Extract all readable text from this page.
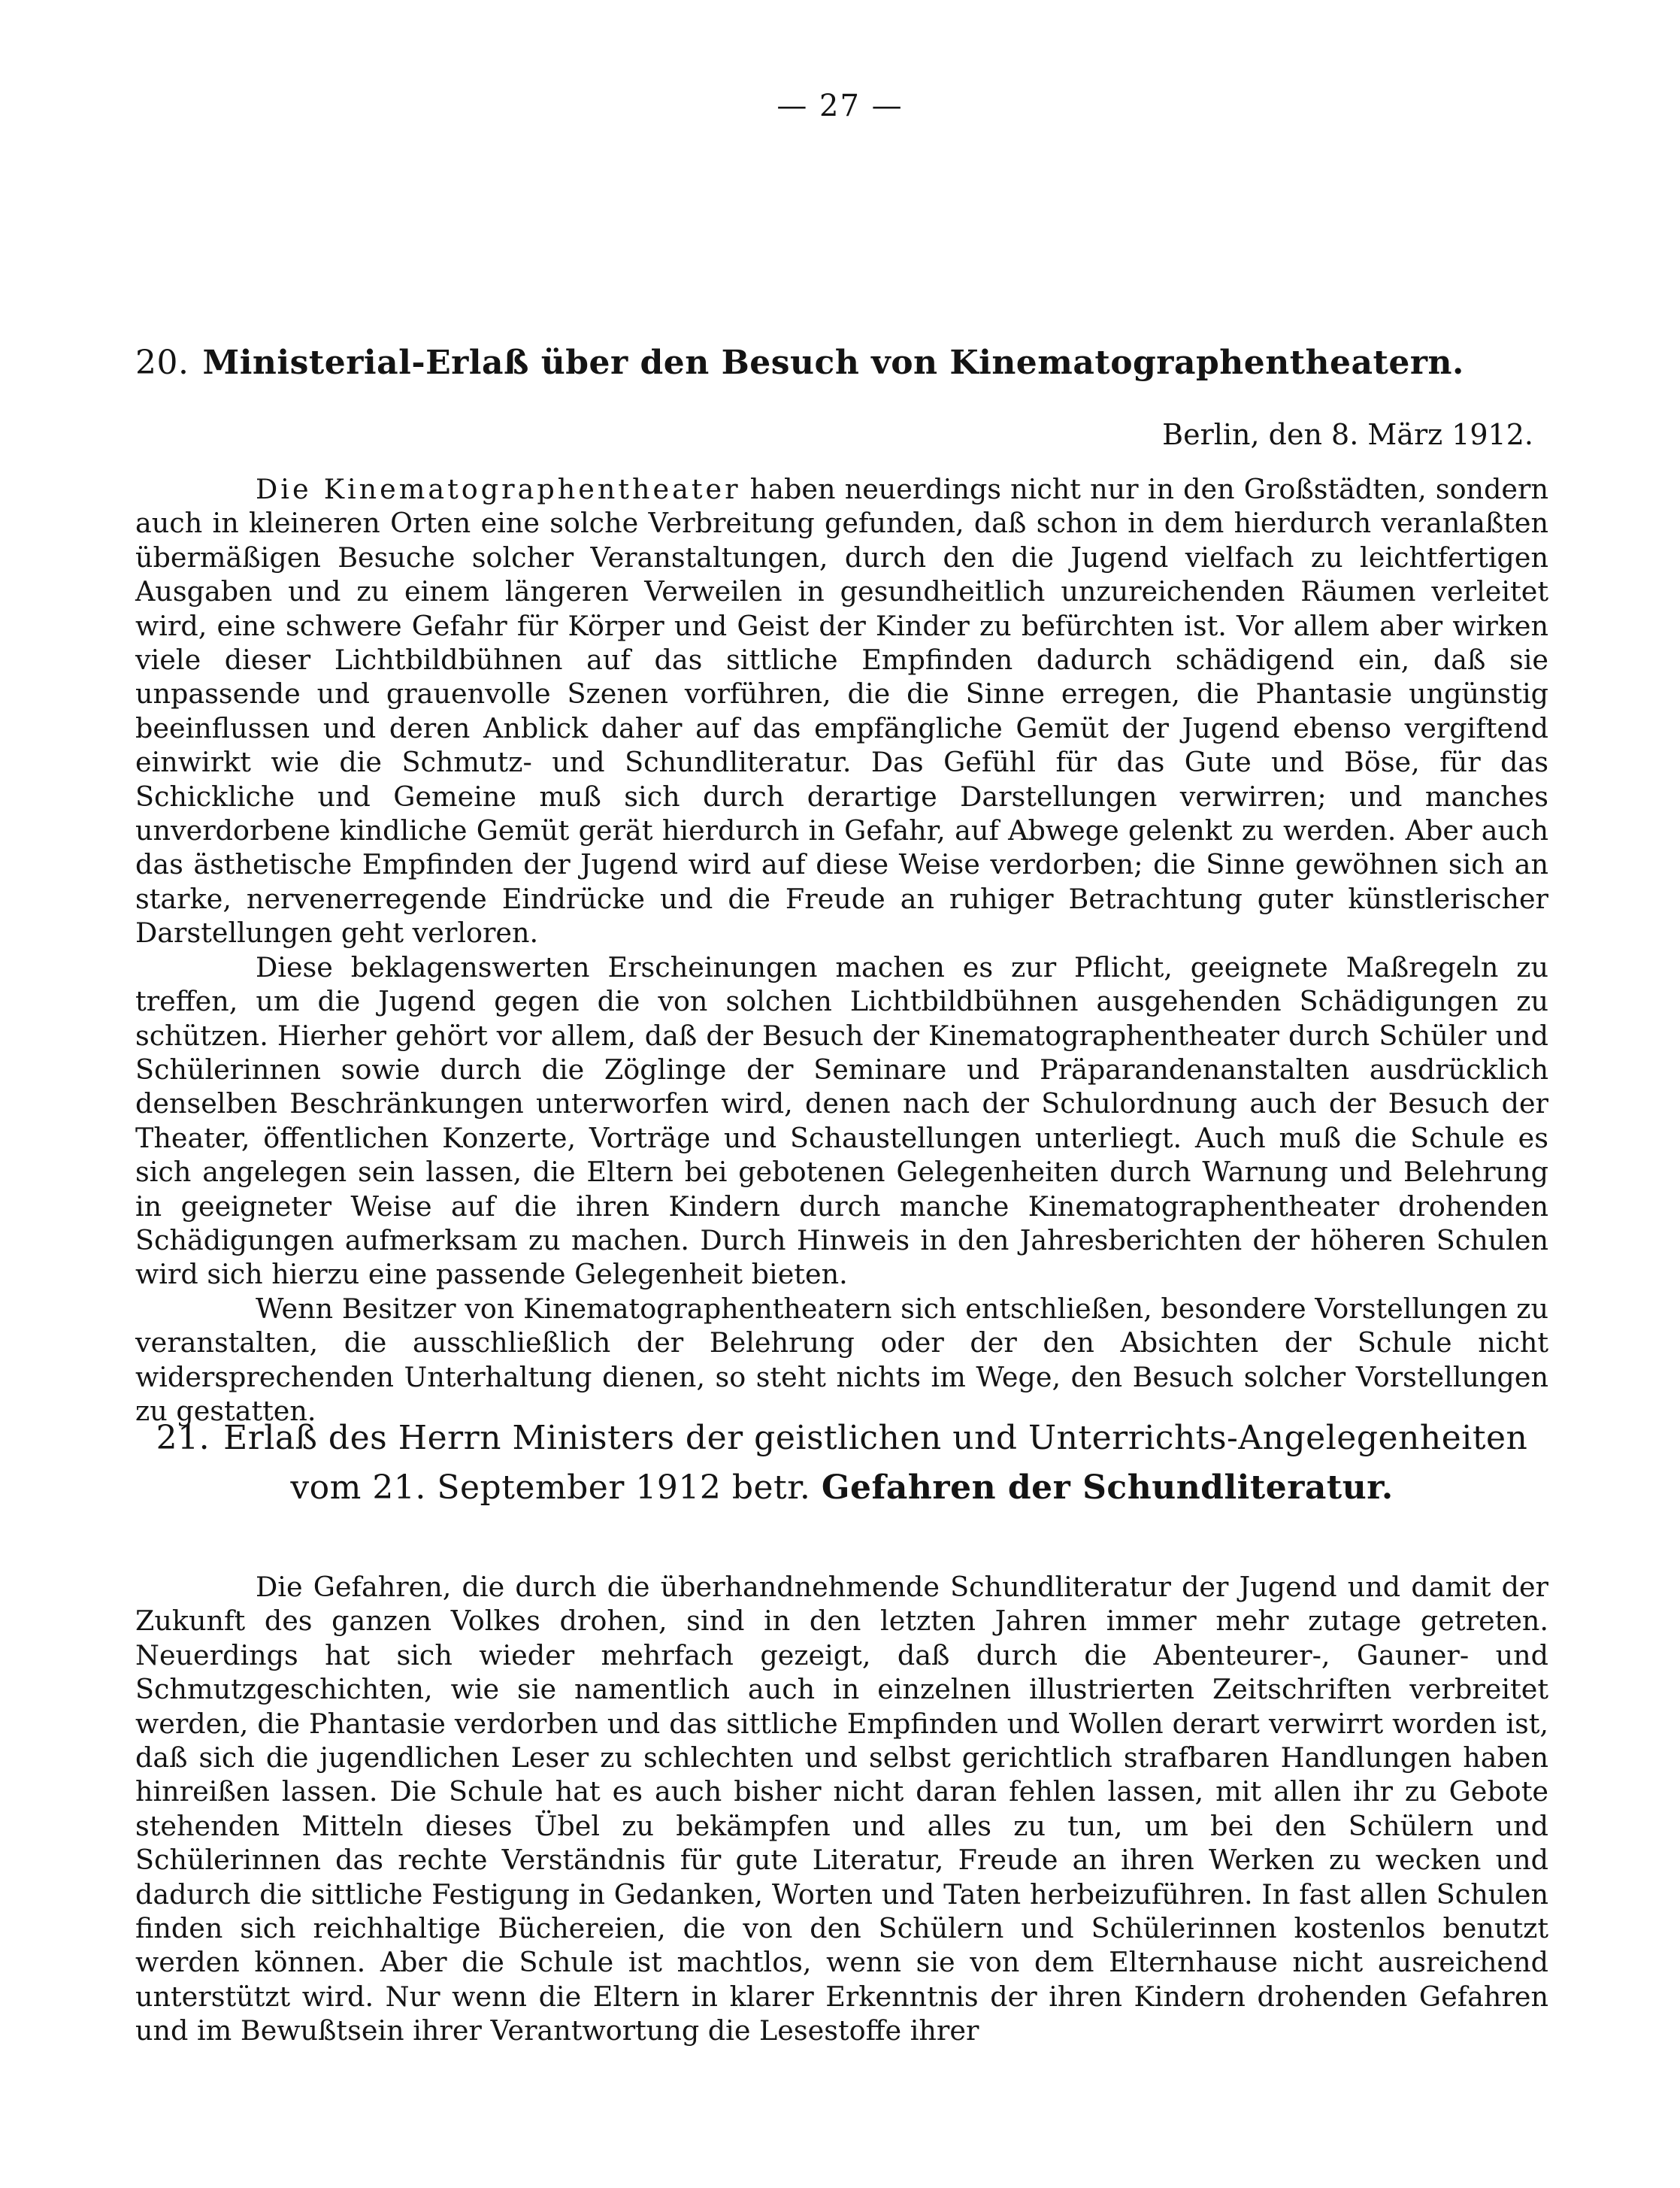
— 27 —
20. Ministerial-Erlaß über den Besuch von Kinematographentheatern.
Berlin, den 8. März 1912.

Die Kinematographentheater haben neuerdings nicht nur in den Großstädten, sondern auch in kleineren Orten eine solche Verbreitung gefunden, daß schon in dem hierdurch veranlaßten übermäßigen Besuche solcher Veranstaltungen, durch den die Jugend vielfach zu leichtfertigen Ausgaben und zu einem längeren Verweilen in gesundheitlich unzureichenden Räumen verleitet wird, eine schwere Gefahr für Körper und Geist der Kinder zu befürchten ist. Vor allem aber wirken viele dieser Lichtbildbühnen auf das sittliche Empfinden dadurch schädigend ein, daß sie unpassende und grauenvolle Szenen vorführen, die die Sinne erregen, die Phantasie ungünstig beeinflussen und deren Anblick daher auf das empfängliche Gemüt der Jugend ebenso vergiftend einwirkt wie die Schmutz- und Schundliteratur. Das Gefühl für das Gute und Böse, für das Schickliche und Gemeine muß sich durch derartige Darstellungen verwirren; und manches unverdorbene kindliche Gemüt gerät hierdurch in Gefahr, auf Abwege gelenkt zu werden. Aber auch das ästhetische Empfinden der Jugend wird auf diese Weise verdorben; die Sinne gewöhnen sich an starke, nervenerregende Eindrücke und die Freude an ruhiger Betrachtung guter künstlerischer Darstellungen geht verloren.

Diese beklagenswerten Erscheinungen machen es zur Pflicht, geeignete Maßregeln zu treffen, um die Jugend gegen die von solchen Lichtbildbühnen ausgehenden Schädigungen zu schützen. Hierher gehört vor allem, daß der Besuch der Kinematographentheater durch Schüler und Schülerinnen sowie durch die Zöglinge der Seminare und Präparandenanstalten ausdrücklich denselben Beschränkungen unterworfen wird, denen nach der Schulordnung auch der Besuch der Theater, öffentlichen Konzerte, Vorträge und Schaustellungen unterliegt. Auch muß die Schule es sich angelegen sein lassen, die Eltern bei gebotenen Gelegenheiten durch Warnung und Belehrung in geeigneter Weise auf die ihren Kindern durch manche Kinematographentheater drohenden Schädigungen aufmerksam zu machen. Durch Hinweis in den Jahresberichten der höheren Schulen wird sich hierzu eine passende Gelegenheit bieten.

Wenn Besitzer von Kinematographentheatern sich entschließen, besondere Vorstellungen zu veranstalten, die ausschließlich der Belehrung oder der den Absichten der Schule nicht widersprechenden Unterhaltung dienen, so steht nichts im Wege, den Besuch solcher Vorstellungen zu gestatten.

21. Erlaß des Herrn Ministers der geistlichen und Unterrichts-Angelegenheiten
vom 21. September 1912 betr. Gefahren der Schundliteratur.

Die Gefahren, die durch die überhandnehmende Schundliteratur der Jugend und damit der Zukunft des ganzen Volkes drohen, sind in den letzten Jahren immer mehr zutage getreten. Neuerdings hat sich wieder mehrfach gezeigt, daß durch die Abenteurer-, Gauner- und Schmutzgeschichten, wie sie namentlich auch in einzelnen illustrierten Zeitschriften verbreitet werden, die Phantasie verdorben und das sittliche Empfinden und Wollen derart verwirrt worden ist, daß sich die jugendlichen Leser zu schlechten und selbst gerichtlich strafbaren Handlungen haben hinreißen lassen. Die Schule hat es auch bisher nicht daran fehlen lassen, mit allen ihr zu Gebote stehenden Mitteln dieses Übel zu bekämpfen und alles zu tun, um bei den Schülern und Schülerinnen das rechte Verständnis für gute Literatur, Freude an ihren Werken zu wecken und dadurch die sittliche Festigung in Gedanken, Worten und Taten herbeizuführen. In fast allen Schulen finden sich reichhaltige Büchereien, die von den Schülern und Schülerinnen kostenlos benutzt werden können. Aber die Schule ist machtlos, wenn sie von dem Elternhause nicht ausreichend unterstützt wird. Nur wenn die Eltern in klarer Erkenntnis der ihren Kindern drohenden Gefahren und im Bewußtsein ihrer Verantwortung die Lesestoffe ihrer
